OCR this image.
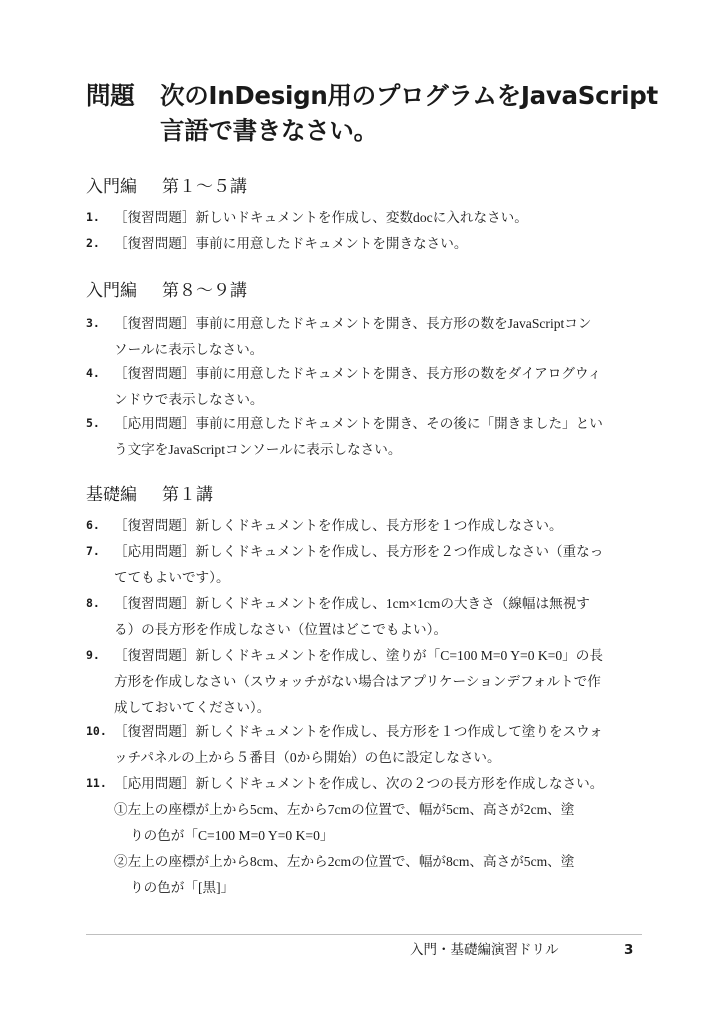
問題 次のInDesign用のプログラムをJavaScript
言語で書きなさい。
入門編 第１〜５講
1. ［復習問題］新しいドキュメントを作成し、変数docに入れなさい。
2. ［復習問題］事前に用意したドキュメントを開きなさい。
入門編 第８〜９講
3. ［復習問題］事前に用意したドキュメントを開き、長方形の数をJavaScriptコン
ソールに表示しなさい。
4. ［復習問題］事前に用意したドキュメントを開き、長方形の数をダイアログウィ
ンドウで表示しなさい。
5. ［応用問題］事前に用意したドキュメントを開き、その後に「開きました」とい
う文字をJavaScriptコンソールに表示しなさい。
基礎編 第１講
6. ［復習問題］新しくドキュメントを作成し、長方形を１つ作成しなさい。
7. ［応用問題］新しくドキュメントを作成し、長方形を２つ作成しなさい（重なっ
ててもよいです）。
8. ［復習問題］新しくドキュメントを作成し、1cm×1cmの大きさ（線幅は無視す
る）の長方形を作成しなさい（位置はどこでもよい）。
9. ［復習問題］新しくドキュメントを作成し、塗りが「C=100 M=0 Y=0 K=0」の長
方形を作成しなさい（スウォッチがない場合はアプリケーションデフォルトで作
成しておいてください）。
10. ［復習問題］新しくドキュメントを作成し、長方形を１つ作成して塗りをスウォ
ッチパネルの上から５番目（0から開始）の色に設定しなさい。
11. ［応用問題］新しくドキュメントを作成し、次の２つの長方形を作成しなさい。
①左上の座標が上から5cm、左から7cmの位置で、幅が5cm、高さが2cm、塗
りの色が「C=100 M=0 Y=0 K=0」
②左上の座標が上から8cm、左から2cmの位置で、幅が8cm、高さが5cm、塗
りの色が「[黒]」
入門・基礎編演習ドリル	3
